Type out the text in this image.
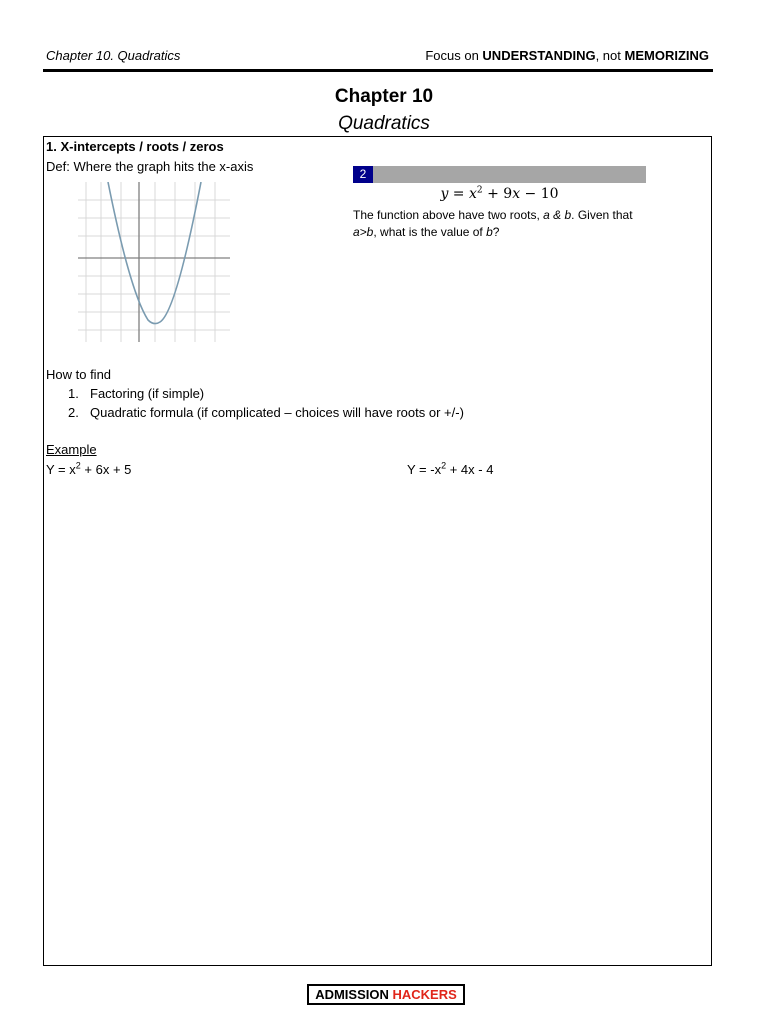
Chapter 10. Quadratics	Focus on UNDERSTANDING, not MEMORIZING
Chapter 10
Quadratics
1. X-intercepts / roots / zeros
Def: Where the graph hits the x-axis	2
$y = x^2 + 9x - 10$
The function above have two roots, a & b. Given that a>b, what is the value of b?
How to find
1. Factoring (if simple)
2. Quadratic formula (if complicated – choices will have roots or +/-)
Example
$Y = x^2 + 6x + 5$	$Y = -x^2 + 4x - 4$
ADMISSION HACKERS
